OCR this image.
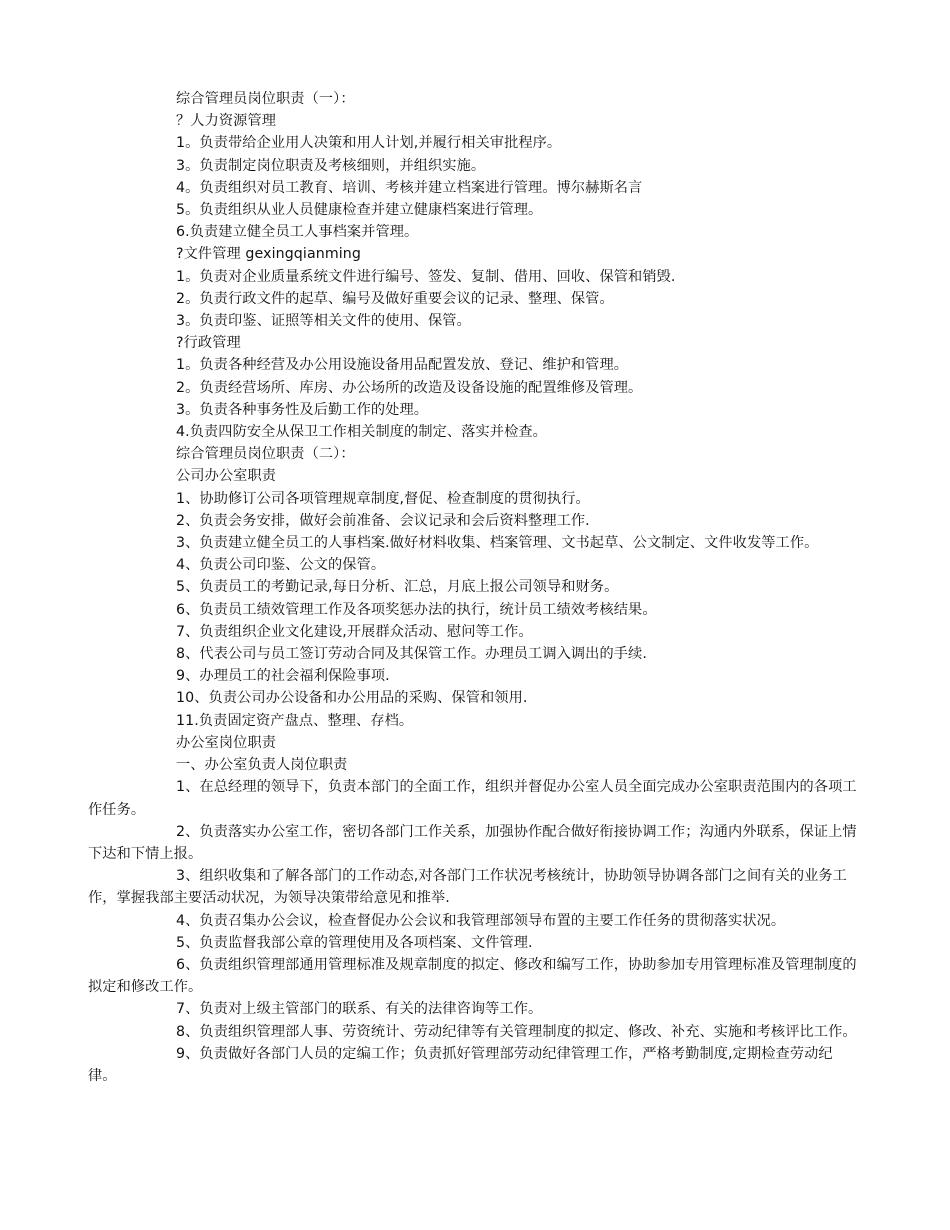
综合管理员岗位职责（一）：

？人力资源管理

1。负责带给企业用人决策和用人计划,并履行相关审批程序。

3。负责制定岗位职责及考核细则，并组织实施。

4。负责组织对员工教育、培训、考核并建立档案进行管理。博尔赫斯名言

5。负责组织从业人员健康检查并建立健康档案进行管理。

6.负责建立健全员工人事档案并管理。

?文件管理 gexingqianming

1。负责对企业质量系统文件进行编号、签发、复制、借用、回收、保管和销毁.

2。负责行政文件的起草、编号及做好重要会议的记录、整理、保管。

3。负责印鉴、证照等相关文件的使用、保管。

?行政管理

1。负责各种经营及办公用设施设备用品配置发放、登记、维护和管理。

2。负责经营场所、库房、办公场所的改造及设备设施的配置维修及管理。

3。负责各种事务性及后勤工作的处理。

4.负责四防安全从保卫工作相关制度的制定、落实并检查。

综合管理员岗位职责（二）：

公司办公室职责

1、协助修订公司各项管理规章制度,督促、检查制度的贯彻执行。

2、负责会务安排，做好会前准备、会议记录和会后资料整理工作.

3、负责建立健全员工的人事档案.做好材料收集、档案管理、文书起草、公文制定、文件收发等工作。

4、负责公司印鉴、公文的保管。

5、负责员工的考勤记录,每日分析、汇总，月底上报公司领导和财务。

6、负责员工绩效管理工作及各项奖惩办法的执行，统计员工绩效考核结果。

7、负责组织企业文化建设,开展群众活动、慰问等工作。

8、代表公司与员工签订劳动合同及其保管工作。办理员工调入调出的手续.

9、办理员工的社会福利保险事项.

10、负责公司办公设备和办公用品的采购、保管和领用.

11.负责固定资产盘点、整理、存档。

办公室岗位职责

一、办公室负责人岗位职责

1、在总经理的领导下，负责本部门的全面工作，组织并督促办公室人员全面完成办公室职责范围内的各项工作任务。

2、负责落实办公室工作，密切各部门工作关系，加强协作配合做好衔接协调工作；沟通内外联系，保证上情下达和下情上报。

3、组织收集和了解各部门的工作动态,对各部门工作状况考核统计，协助领导协调各部门之间有关的业务工作，掌握我部主要活动状况，为领导决策带给意见和推举.

4、负责召集办公会议，检查督促办公会议和我管理部领导布置的主要工作任务的贯彻落实状况。

5、负责监督我部公章的管理使用及各项档案、文件管理.

6、负责组织管理部通用管理标准及规章制度的拟定、修改和编写工作，协助参加专用管理标准及管理制度的拟定和修改工作。

7、负责对上级主管部门的联系、有关的法律咨询等工作。

8、负责组织管理部人事、劳资统计、劳动纪律等有关管理制度的拟定、修改、补充、实施和考核评比工作。

9、负责做好各部门人员的定编工作；负责抓好管理部劳动纪律管理工作，严格考勤制度,定期检查劳动纪律。
